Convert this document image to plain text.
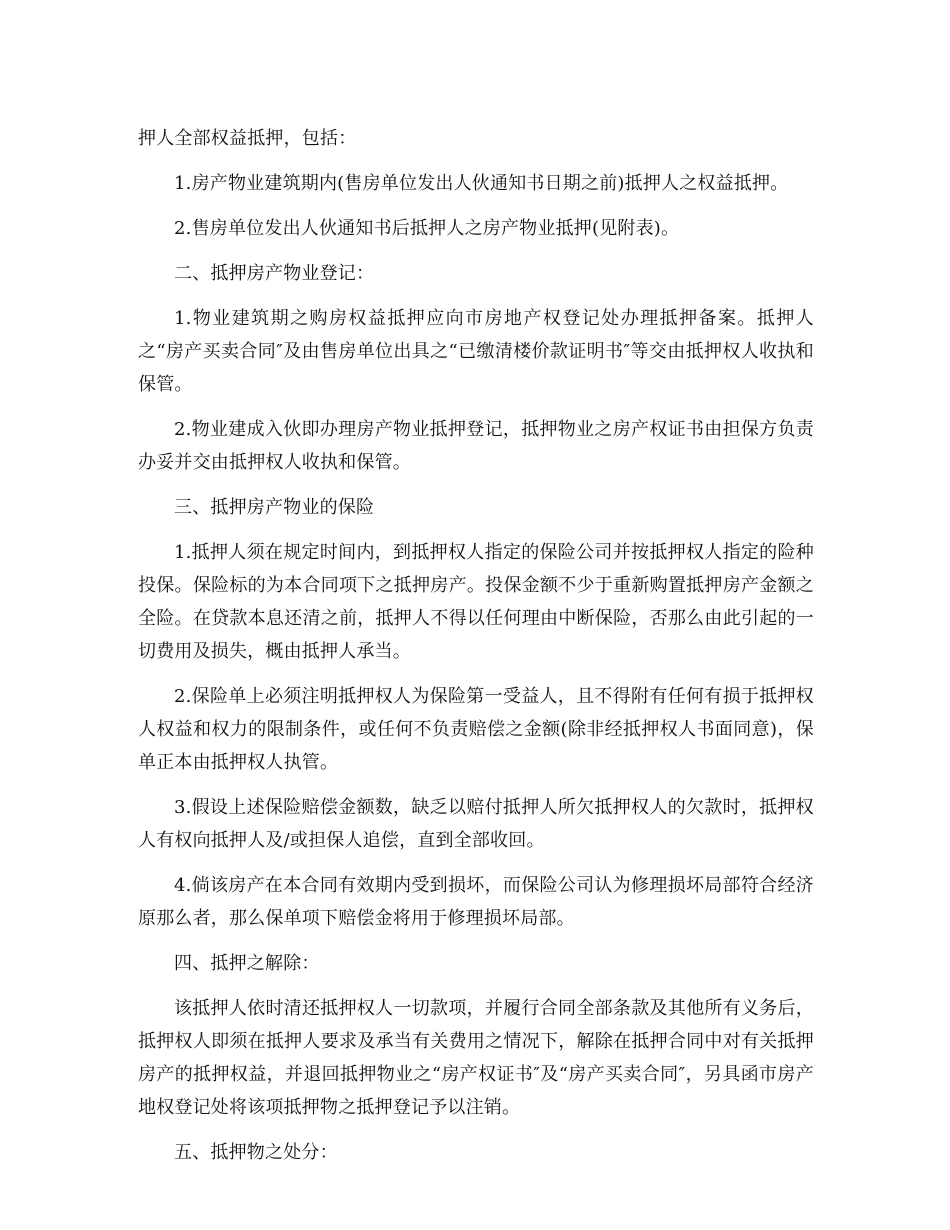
押人全部权益抵押，包括：

1.房产物业建筑期内(售房单位发出人伙通知书日期之前)抵押人之权益抵押。

2.售房单位发出人伙通知书后抵押人之房产物业抵押(见附表)。

二、抵押房产物业登记：

1.物业建筑期之购房权益抵押应向市房地产权登记处办理抵押备案。抵押人之“房产买卖合同″及由售房单位出具之“已缴清楼价款证明书″等交由抵押权人收执和保管。

2.物业建成入伙即办理房产物业抵押登记，抵押物业之房产权证书由担保方负责办妥并交由抵押权人收执和保管。

三、抵押房产物业的保险

1.抵押人须在规定时间内，到抵押权人指定的保险公司并按抵押权人指定的险种投保。保险标的为本合同项下之抵押房产。投保金额不少于重新购置抵押房产金额之全险。在贷款本息还清之前，抵押人不得以任何理由中断保险，否那么由此引起的一切费用及损失，概由抵押人承当。

2.保险单上必须注明抵押权人为保险第一受益人，且不得附有任何有损于抵押权人权益和权力的限制条件，或任何不负责赔偿之金额(除非经抵押权人书面同意)，保单正本由抵押权人执管。

3.假设上述保险赔偿金额数，缺乏以赔付抵押人所欠抵押权人的欠款时，抵押权人有权向抵押人及/或担保人追偿，直到全部收回。

4.倘该房产在本合同有效期内受到损坏，而保险公司认为修理损坏局部符合经济原那么者，那么保单项下赔偿金将用于修理损坏局部。

四、抵押之解除：

该抵押人依时清还抵押权人一切款项，并履行合同全部条款及其他所有义务后，抵押权人即须在抵押人要求及承当有关费用之情况下，解除在抵押合同中对有关抵押房产的抵押权益，并退回抵押物业之“房产权证书″及“房产买卖合同″，另具函市房产地权登记处将该项抵押物之抵押登记予以注销。

五、抵押物之处分：
